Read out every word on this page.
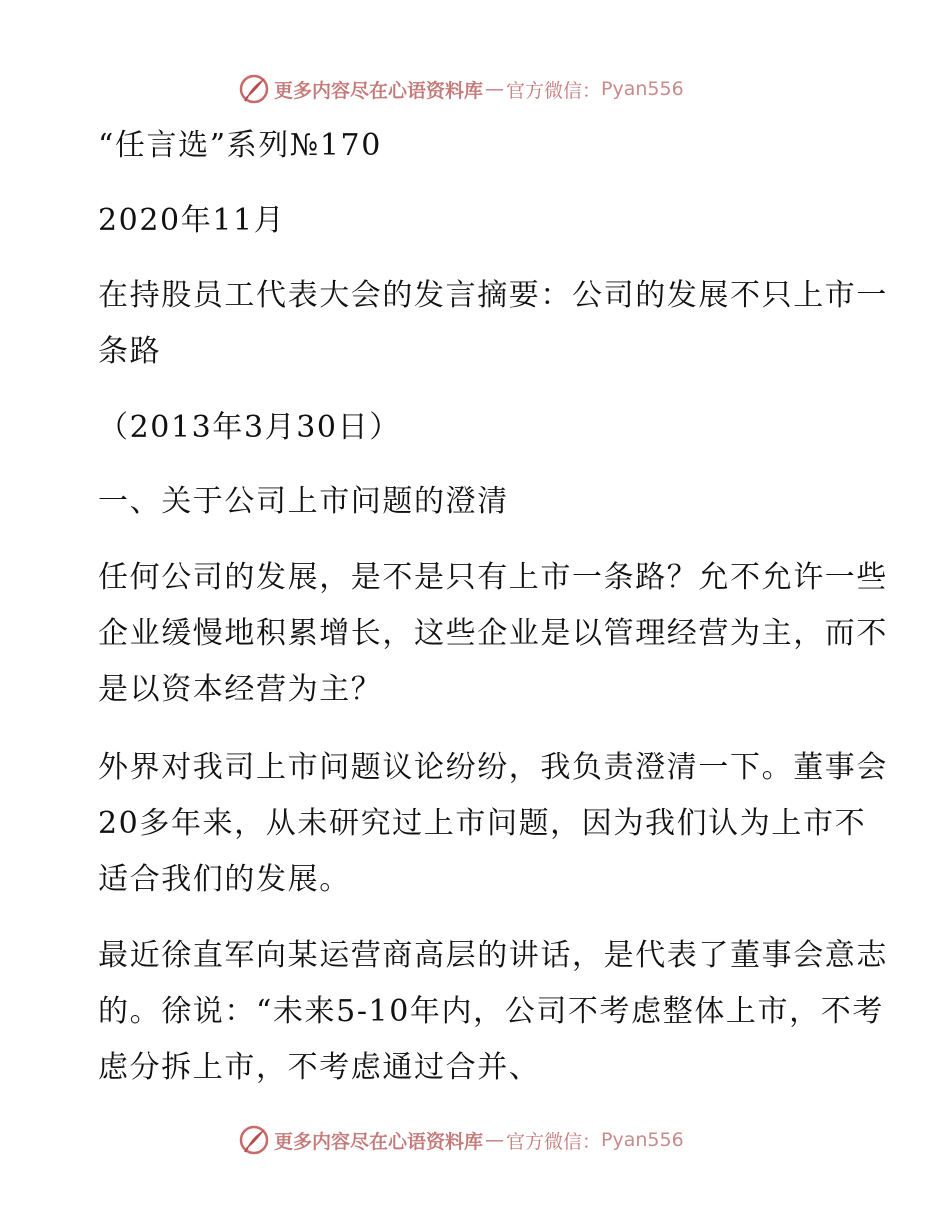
更多内容尽在心语资料库 — 官方微信： Pyan556
“任言选”系列№170
2020年11月
在持股员工代表大会的发言摘要：公司的发展不只上市一条路
（2013年3月30日）
一、关于公司上市问题的澄清
任何公司的发展，是不是只有上市一条路？允不允许一些企业缓慢地积累增长，这些企业是以管理经营为主，而不是以资本经营为主？
外界对我司上市问题议论纷纷，我负责澄清一下。董事会20多年来，从未研究过上市问题，因为我们认为上市不适合我们的发展。
最近徐直军向某运营商高层的讲话，是代表了董事会意志的。徐说：“未来5-10年内，公司不考虑整体上市，不考虑分拆上市，不考虑通过合并、
更多内容尽在心语资料库 — 官方微信： Pyan556
